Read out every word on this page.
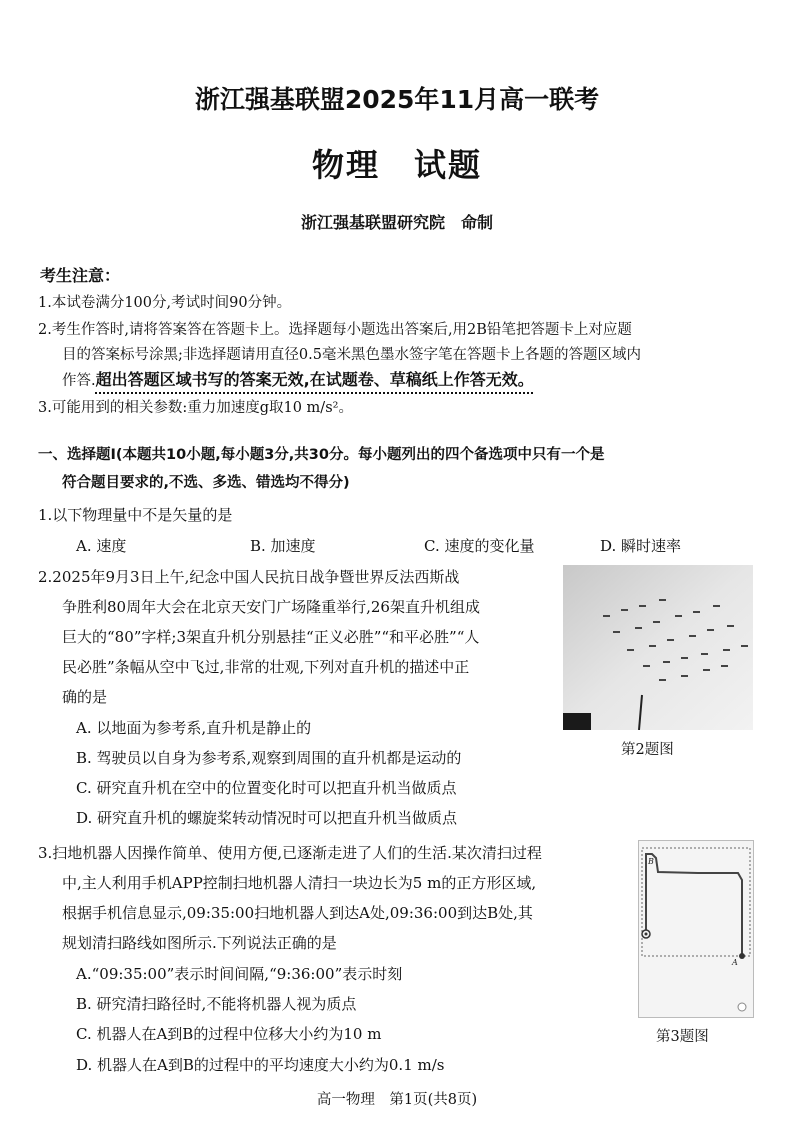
浙江强基联盟2025年11月高一联考
物理　试题
浙江强基联盟研究院　命制
考生注意：
1.本试卷满分100分,考试时间90分钟。
2.考生作答时,请将答案答在答题卡上。选择题每小题选出答案后,用2B铅笔把答题卡上对应题
目的答案标号涂黑;非选择题请用直径0.5毫米黑色墨水签字笔在答题卡上各题的答题区域内
作答.超出答题区域书写的答案无效,在试题卷、草稿纸上作答无效。
3.可能用到的相关参数:重力加速度g取10 m/s²。
一、选择题Ⅰ(本题共10小题,每小题3分,共30分。每小题列出的四个备选项中只有一个是
符合题目要求的,不选、多选、错选均不得分)
1.以下物理量中不是矢量的是
A. 速度	B. 加速度	C. 速度的变化量	D. 瞬时速率
2.2025年9月3日上午,纪念中国人民抗日战争暨世界反法西斯战
争胜利80周年大会在北京天安门广场隆重举行,26架直升机组成
巨大的“80”字样;3架直升机分别悬挂“正义必胜”“和平必胜”“人
民必胜”条幅从空中飞过,非常的壮观,下列对直升机的描述中正
确的是
A. 以地面为参考系,直升机是静止的
B. 驾驶员以自身为参考系,观察到周围的直升机都是运动的
C. 研究直升机在空中的位置变化时可以把直升机当做质点
D. 研究直升机的螺旋桨转动情况时可以把直升机当做质点
第2题图
3.扫地机器人因操作简单、使用方便,已逐渐走进了人们的生活.某次清扫过程
中,主人利用手机APP控制扫地机器人清扫一块边长为5 m的正方形区域,
根据手机信息显示,09:35:00扫地机器人到达A处,09:36:00到达B处,其
规划清扫路线如图所示.下列说法正确的是
A.“09:35:00”表示时间间隔,“9:36:00”表示时刻
B. 研究清扫路径时,不能将机器人视为质点
C. 机器人在A到B的过程中位移大小约为10 m
D. 机器人在A到B的过程中的平均速度大小约为0.1 m/s
A
B
第3题图
高一物理　第1页(共8页)
